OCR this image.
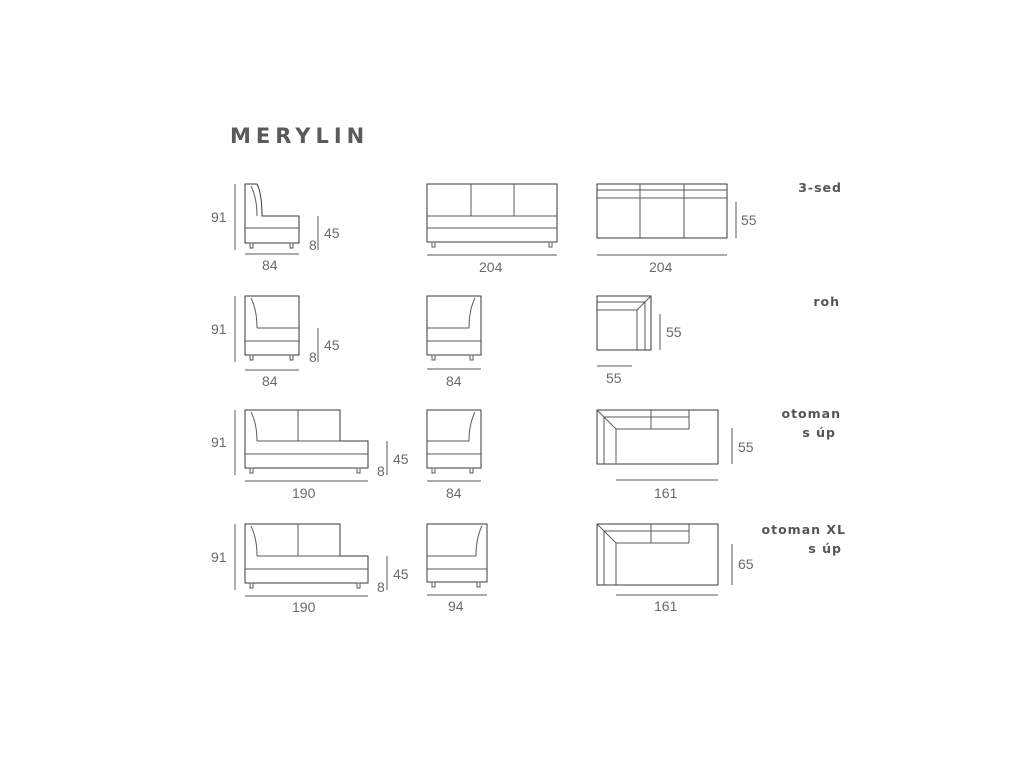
MERYLIN
91
45
8
84	204
55
204
3-sed
91
45
8
84	84
55
55
roh
91
45
8
190	84
55
161
otoman
s úp
91
45
8
190	94
65
161
otoman XL
s úp
